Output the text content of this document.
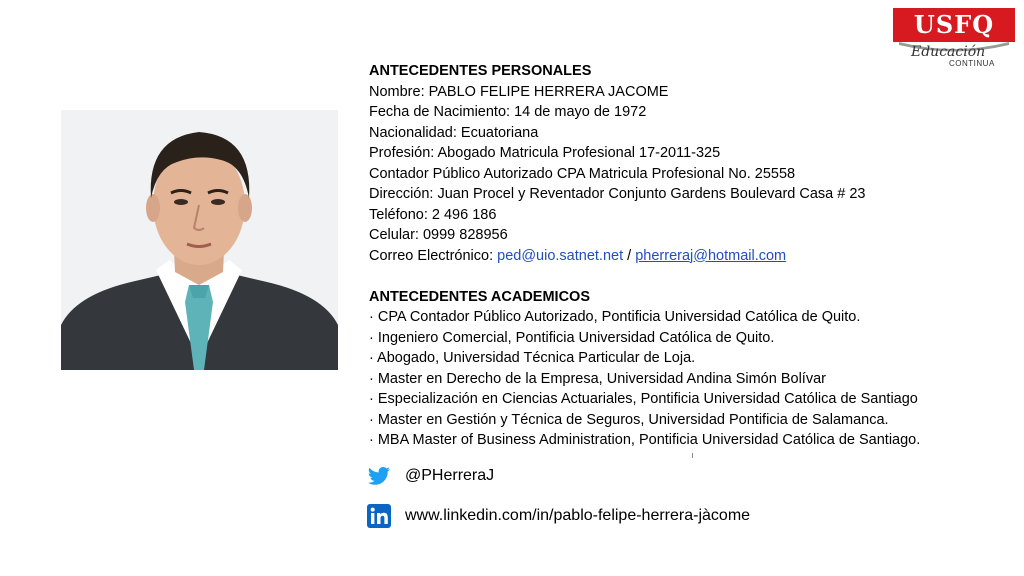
USFQ
Educación
CONTINUA
ANTECEDENTES PERSONALES
Nombre: PABLO FELIPE HERRERA JACOME
Fecha de Nacimiento: 14 de mayo de 1972
Nacionalidad: Ecuatoriana
Profesión: Abogado Matricula Profesional 17-2011-325
Contador Público Autorizado CPA Matricula Profesional No. 25558
Dirección: Juan Procel y Reventador Conjunto Gardens Boulevard Casa # 23
Teléfono: 2 496 186
Celular: 0999 828956
Correo Electrónico: ped@uio.satnet.net / pherreraj@hotmail.com
ANTECEDENTES ACADEMICOS
· CPA Contador Público Autorizado, Pontificia Universidad Católica de Quito.
· Ingeniero Comercial, Pontificia Universidad Católica de Quito.
· Abogado, Universidad Técnica Particular de Loja.
· Master en Derecho de la Empresa, Universidad Andina Simón Bolívar
· Especialización en Ciencias Actuariales, Pontificia Universidad Católica de Santiago
· Master en Gestión y Técnica de Seguros, Universidad Pontificia de Salamanca.
· MBA Master of Business Administration, Pontificia Universidad Católica de Santiago.
@PHerreraJ
www.linkedin.com/in/pablo-felipe-herrera-jàcome
